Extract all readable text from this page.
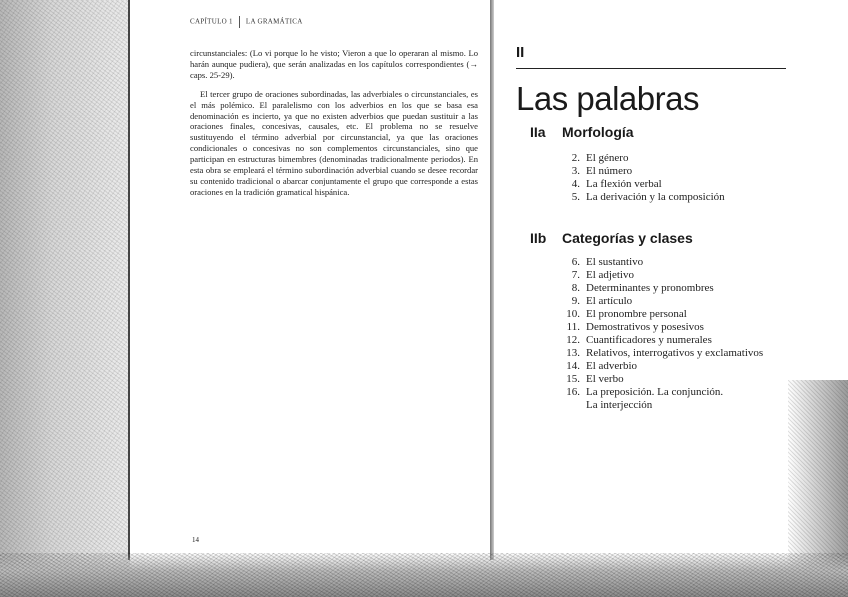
CAPÍTULO 1 LA GRAMÁTICA

circunstanciales: (Lo vi porque lo he visto; Vieron a que lo operaran al mismo. Lo harán aunque pudiera), que serán analizadas en los capítulos correspondientes (→ caps. 25-29).

El tercer grupo de oraciones subordinadas, las adverbiales o circunstanciales, es el más polémico. El paralelismo con los adverbios en los que se basa esa denominación es incierto, ya que no existen adverbios que puedan sustituir a las oraciones finales, concesivas, causales, etc. El problema no se resuelve sustituyendo el término adverbial por circunstancial, ya que las oraciones condicionales o concesivas no son complementos circunstanciales, sino que participan en estructuras bimembres (denominadas tradicionalmente periodos). En esta obra se empleará el término subordinación adverbial cuando se desee recordar su contenido tradicional o abarcar conjuntamente el grupo que corresponde a estas oraciones en la tradición gramatical hispánica.

14
II
Las palabras
IIa Morfología
2. El género
3. El número
4. La flexión verbal
5. La derivación y la composición
IIb Categorías y clases
6. El sustantivo
7. El adjetivo
8. Determinantes y pronombres
9. El artículo
10. El pronombre personal
11. Demostrativos y posesivos
12. Cuantificadores y numerales
13. Relativos, interrogativos y exclamativos
14. El adverbio
15. El verbo
16. La preposición. La conjunción.
La interjección
